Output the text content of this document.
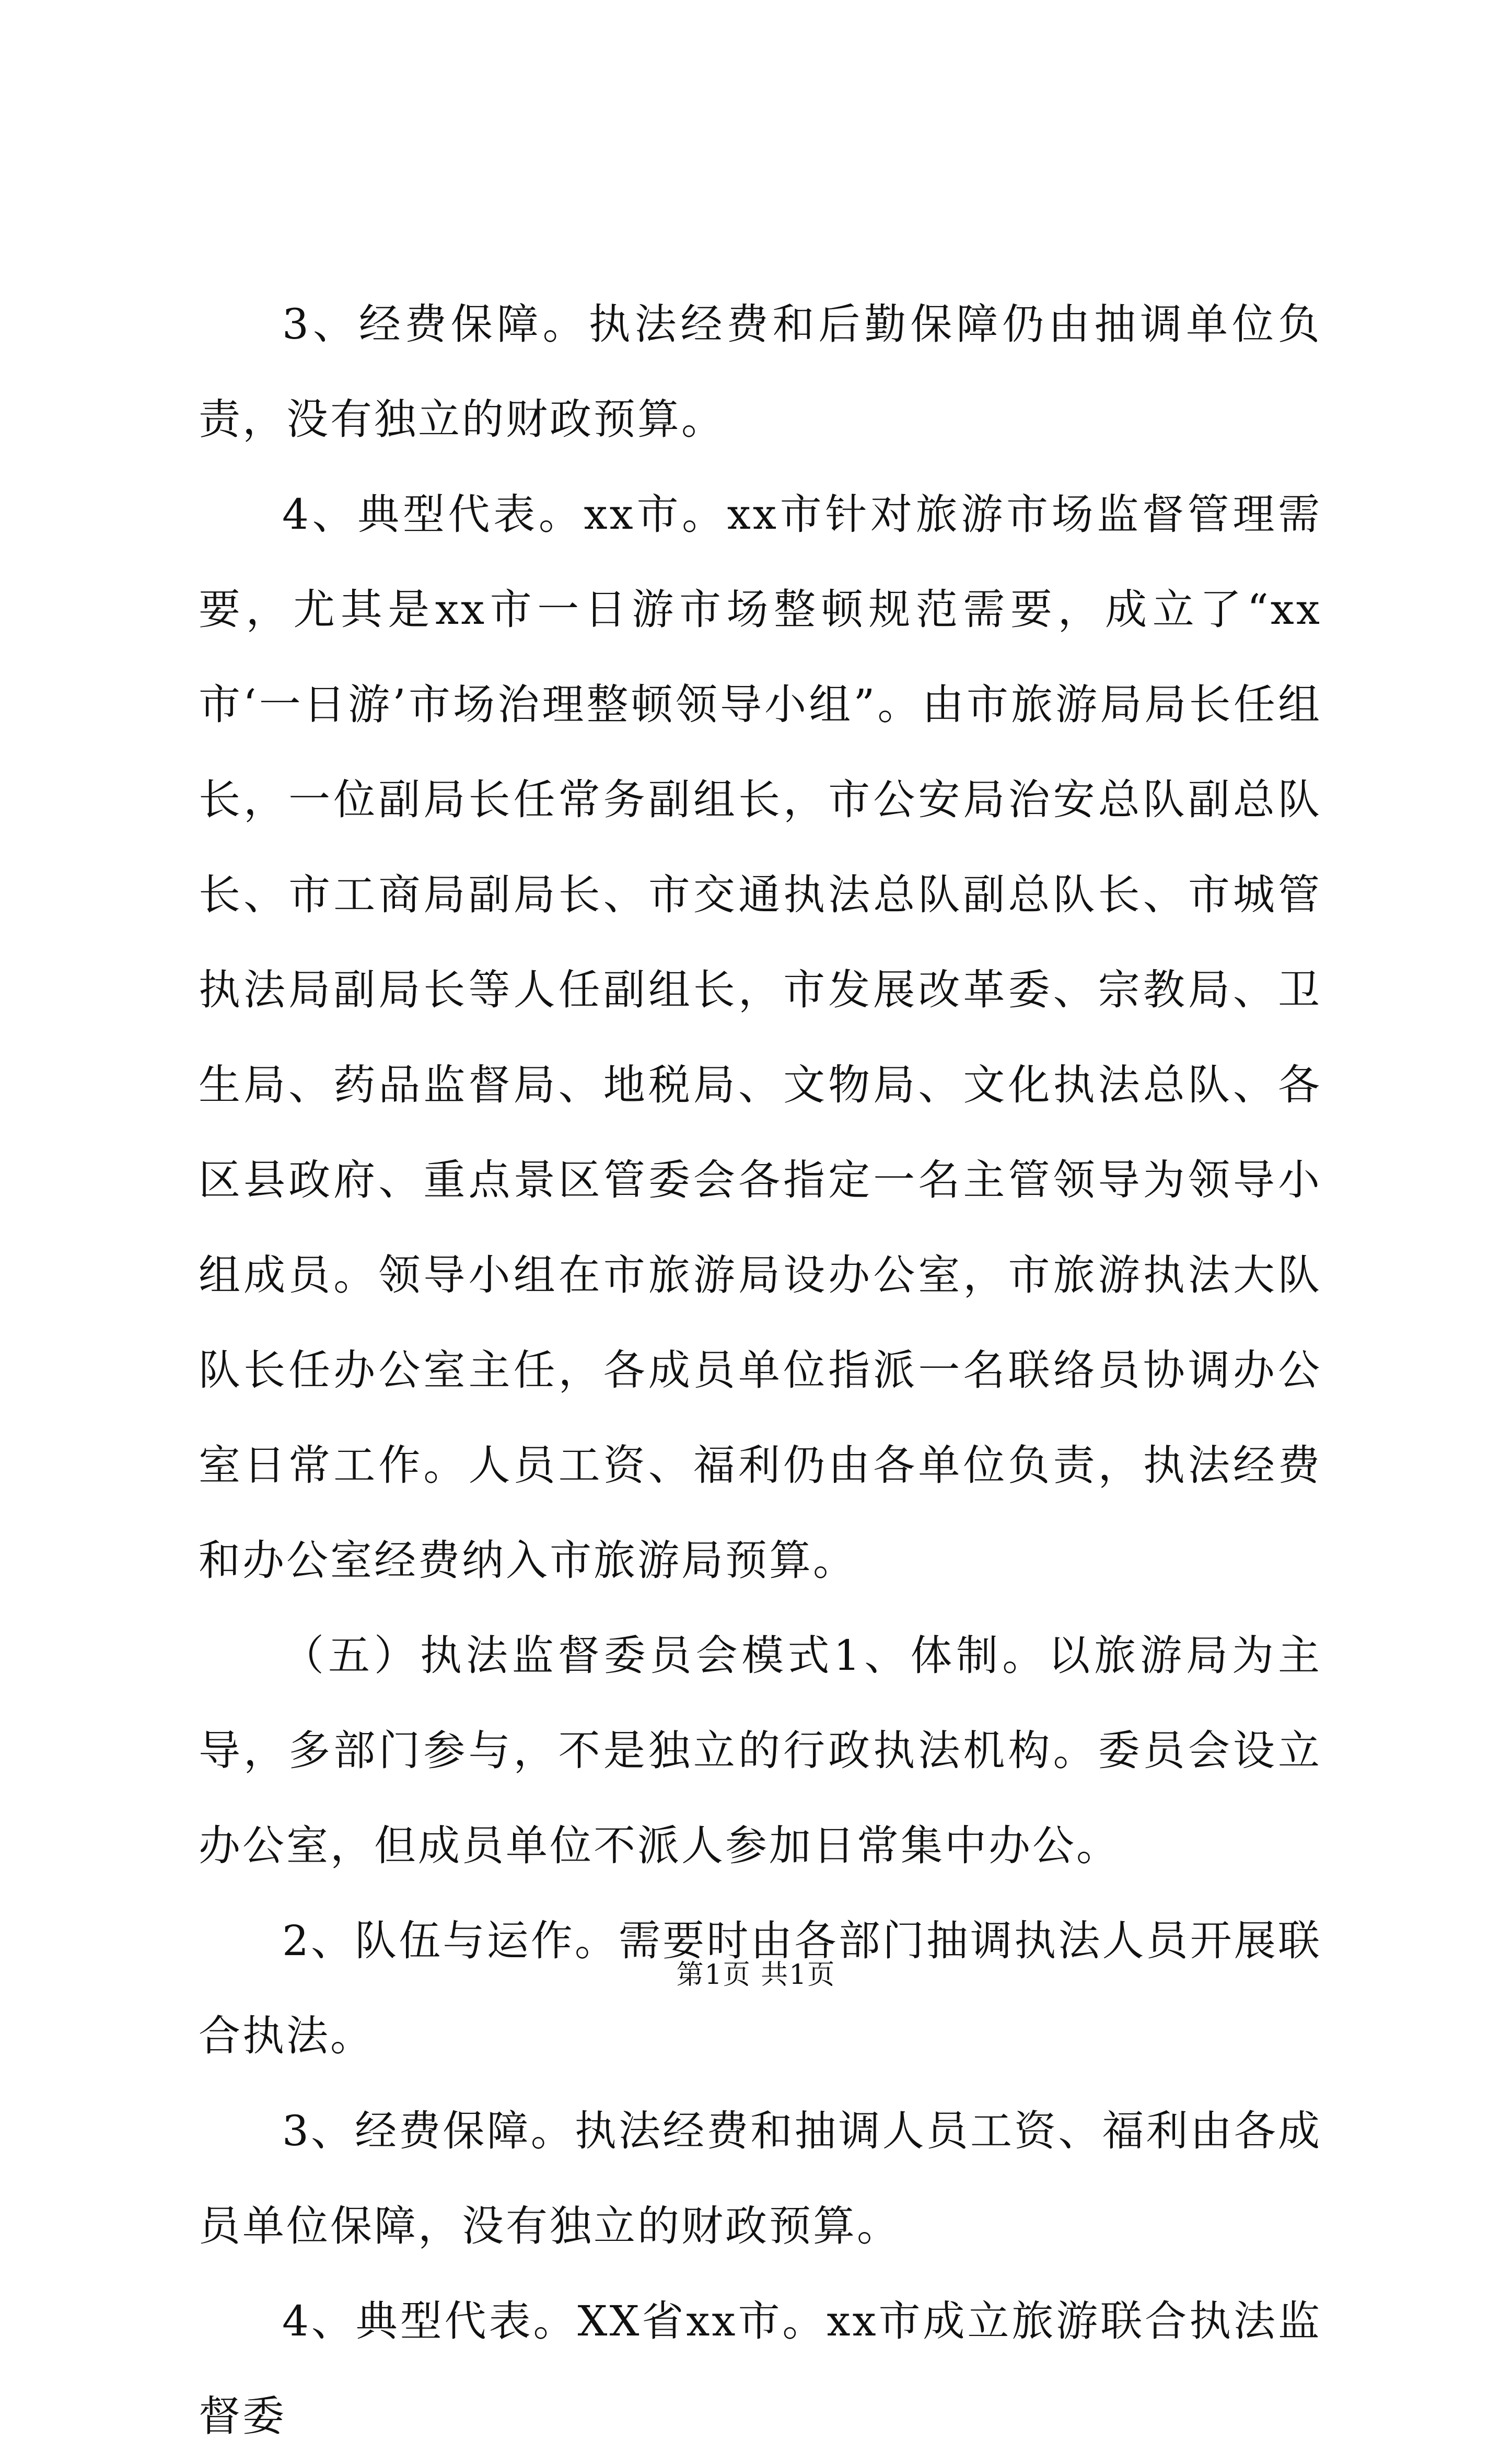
3、经费保障。执法经费和后勤保障仍由抽调单位负责，没有独立的财政预算。

4、典型代表。xx市。xx市针对旅游市场监督管理需要，尤其是xx市一日游市场整顿规范需要，成立了“xx市‘一日游’市场治理整顿领导小组”。由市旅游局局长任组长，一位副局长任常务副组长，市公安局治安总队副总队长、市工商局副局长、市交通执法总队副总队长、市城管执法局副局长等人任副组长，市发展改革委、宗教局、卫生局、药品监督局、地税局、文物局、文化执法总队、各区县政府、重点景区管委会各指定一名主管领导为领导小组成员。领导小组在市旅游局设办公室，市旅游执法大队队长任办公室主任，各成员单位指派一名联络员协调办公室日常工作。人员工资、福利仍由各单位负责，执法经费和办公室经费纳入市旅游局预算。

（五）执法监督委员会模式1、体制。以旅游局为主导，多部门参与，不是独立的行政执法机构。委员会设立办公室，但成员单位不派人参加日常集中办公。

2、队伍与运作。需要时由各部门抽调执法人员开展联合执法。

3、经费保障。执法经费和抽调人员工资、福利由各成员单位保障，没有独立的财政预算。

4、典型代表。XX省xx市。xx市成立旅游联合执法监督委

第1页 共1页
